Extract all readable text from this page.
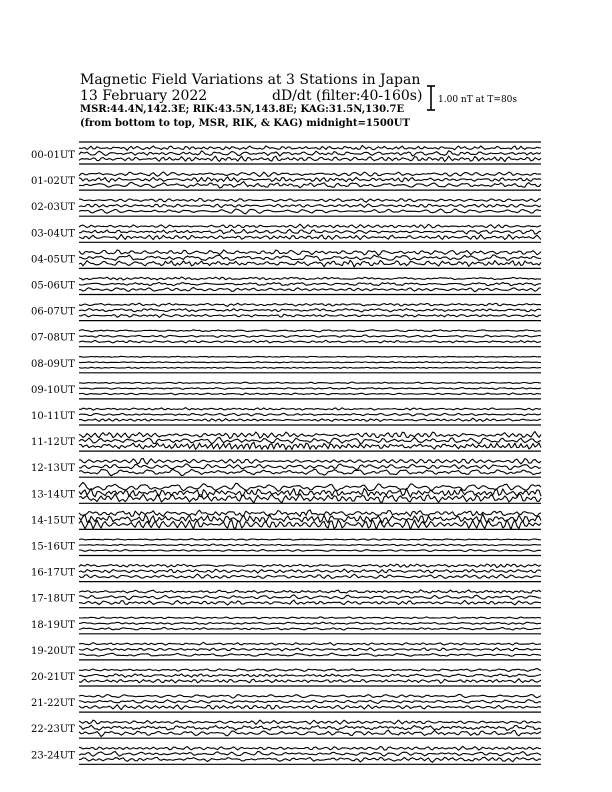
Magnetic Field Variations at 3 Stations in Japan
13 February 2022	dD/dt (filter:40-160s)
MSR:44.4N,142.3E; RIK:43.5N,143.8E; KAG:31.5N,130.7E
(from bottom to top, MSR, RIK, & KAG) midnight=1500UT
1.00 nT at T=80s
00-01UT
01-02UT
02-03UT
03-04UT
04-05UT
05-06UT
06-07UT
07-08UT
08-09UT
09-10UT
10-11UT
11-12UT
12-13UT
13-14UT
14-15UT
15-16UT
16-17UT
17-18UT
18-19UT
19-20UT
20-21UT
21-22UT
22-23UT
23-24UT
